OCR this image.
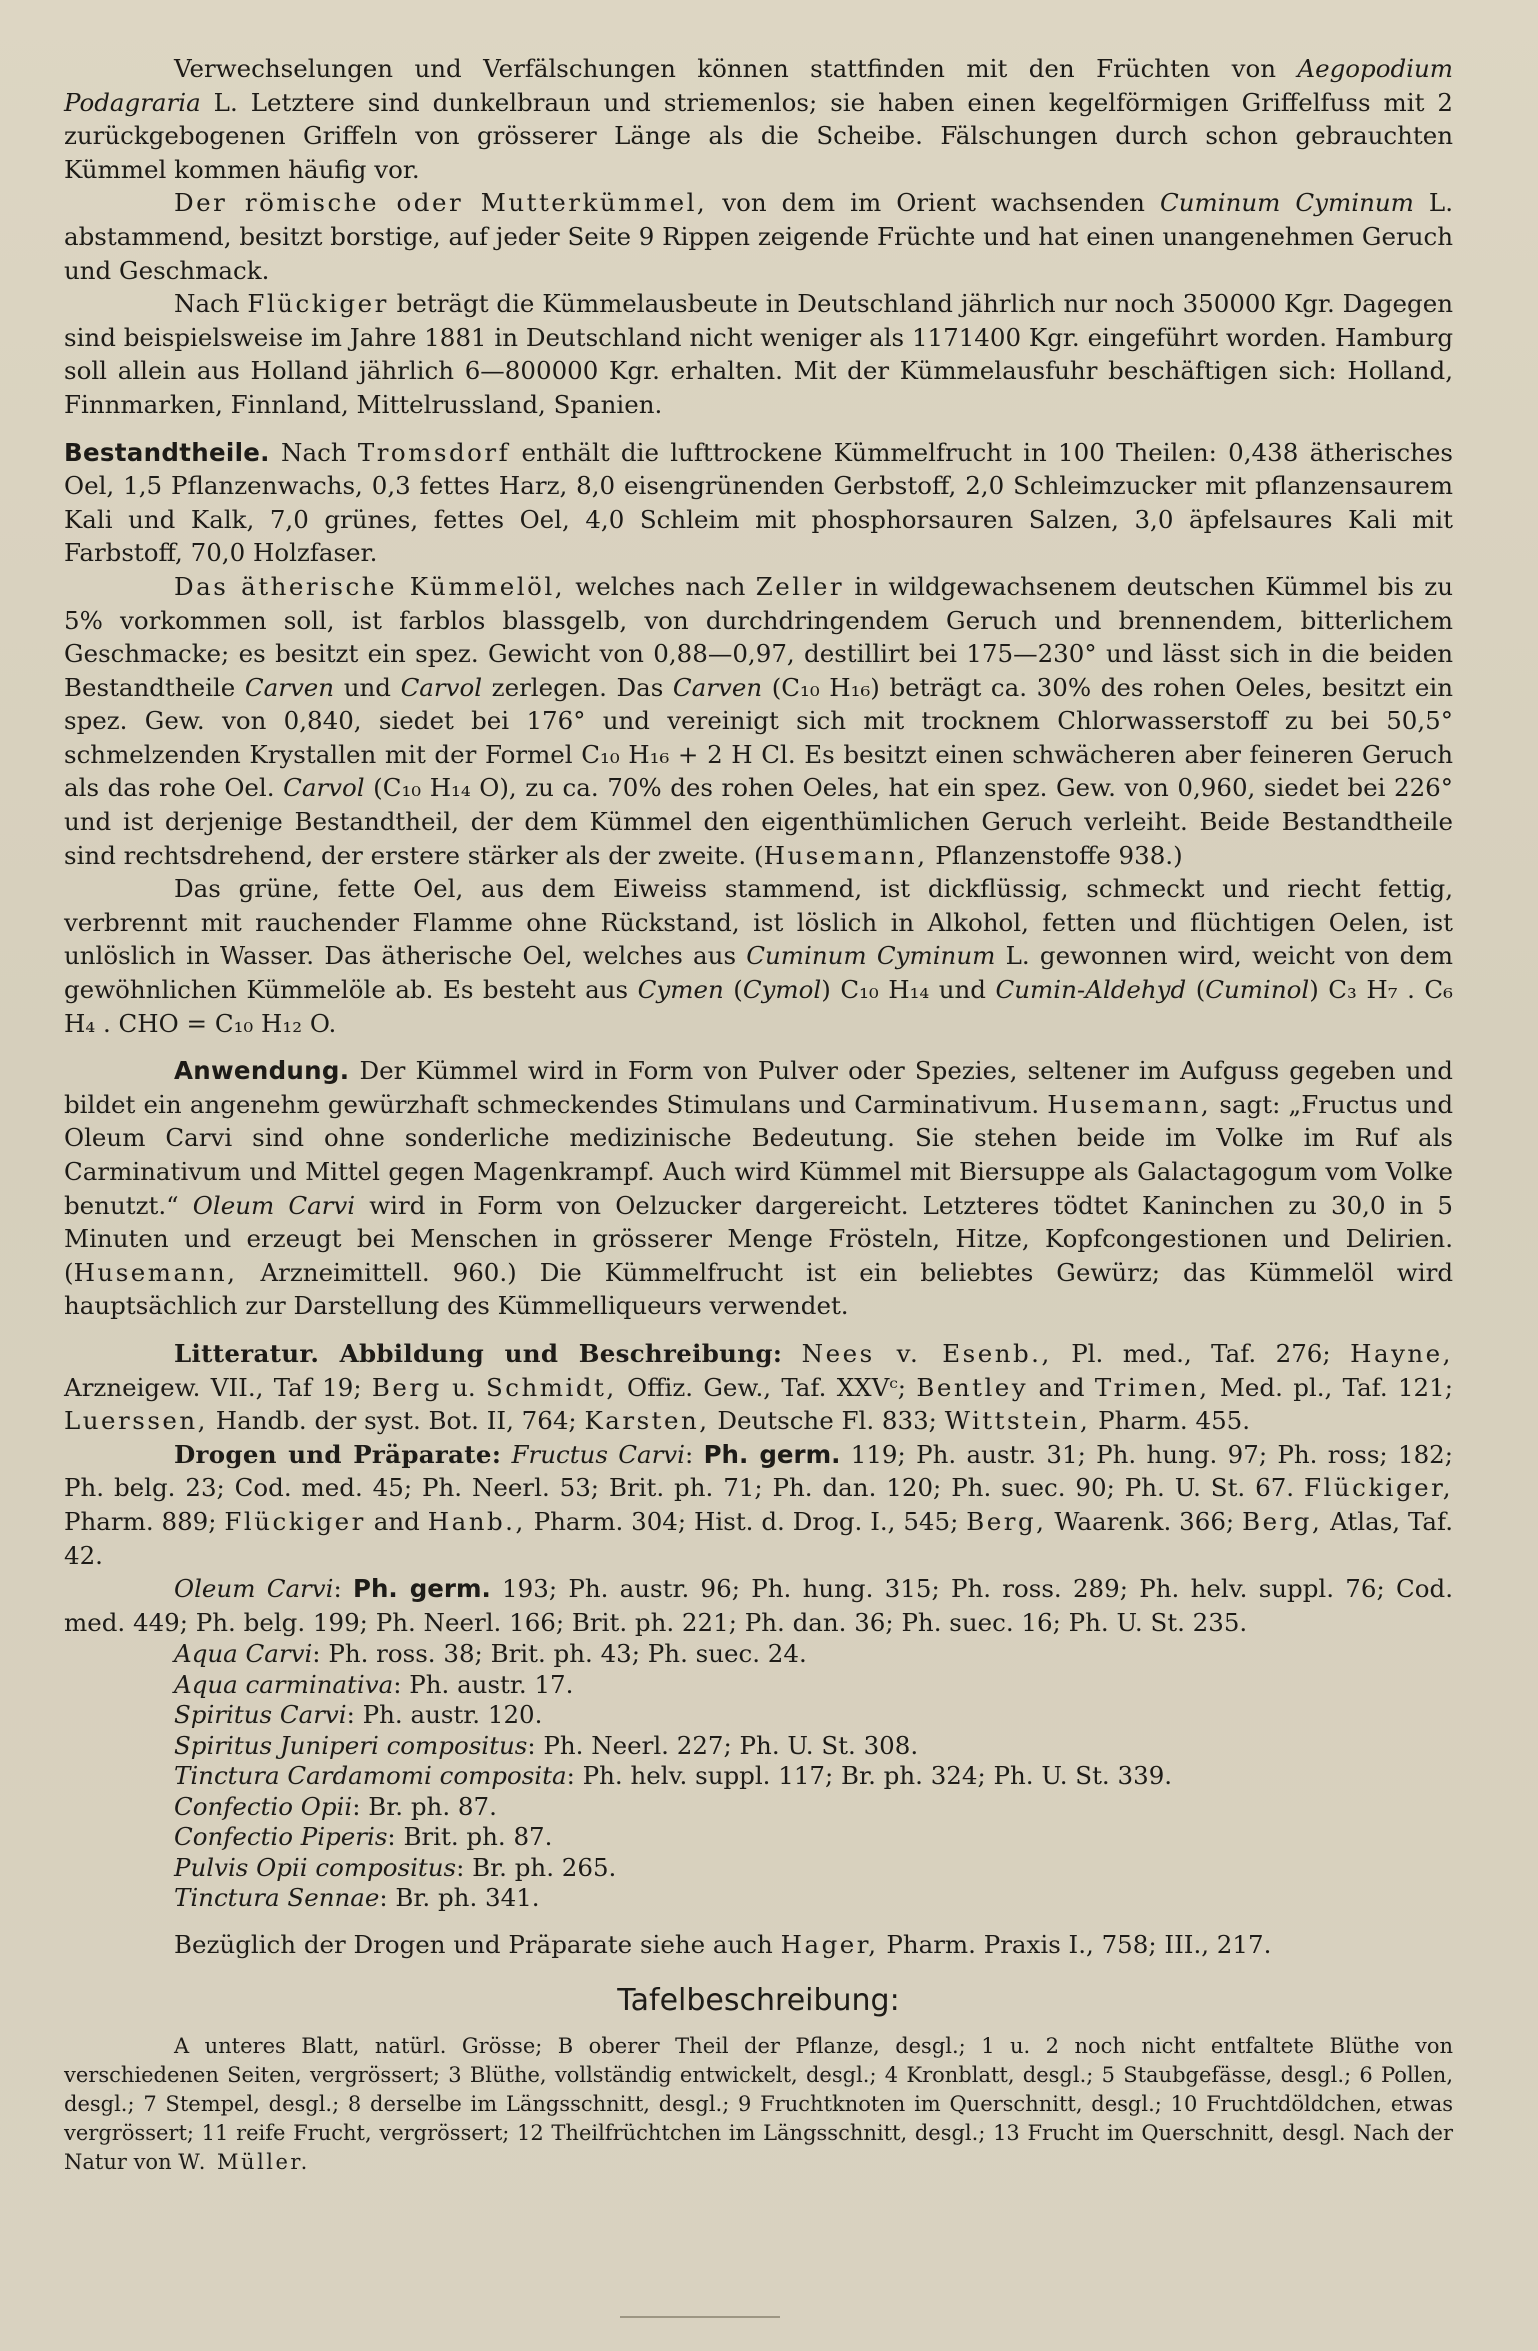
Verwechselungen und Verfälschungen können stattfinden mit den Früchten von Aegopodium Podagraria L. Letztere sind dunkelbraun und striemenlos; sie haben einen kegelförmigen Griffelfuss mit 2 zurückgebogenen Griffeln von grösserer Länge als die Scheibe. Fälschungen durch schon gebrauchten Kümmel kommen häufig vor.

Der römische oder Mutterkümmel, von dem im Orient wachsenden Cuminum Cyminum L. abstammend, besitzt borstige, auf jeder Seite 9 Rippen zeigende Früchte und hat einen unangenehmen Geruch und Geschmack.

Nach Flückiger beträgt die Kümmelausbeute in Deutschland jährlich nur noch 350000 Kgr. Dagegen sind beispielsweise im Jahre 1881 in Deutschland nicht weniger als 1171400 Kgr. eingeführt worden. Hamburg soll allein aus Holland jährlich 6—800000 Kgr. erhalten. Mit der Kümmelausfuhr beschäftigen sich: Holland, Finnmarken, Finnland, Mittelrussland, Spanien.

Bestandtheile. Nach Tromsdorf enthält die lufttrockene Kümmelfrucht in 100 Theilen: 0,438 ätherisches Oel, 1,5 Pflanzenwachs, 0,3 fettes Harz, 8,0 eisengrünenden Gerbstoff, 2,0 Schleimzucker mit pflanzensaurem Kali und Kalk, 7,0 grünes, fettes Oel, 4,0 Schleim mit phosphorsauren Salzen, 3,0 äpfelsaures Kali mit Farbstoff, 70,0 Holzfaser.

Das ätherische Kümmelöl, welches nach Zeller in wildgewachsenem deutschen Kümmel bis zu 5% vorkommen soll, ist farblos blassgelb, von durchdringendem Geruch und brennendem, bitterlichem Geschmacke; es besitzt ein spez. Gewicht von 0,88—0,97, destillirt bei 175—230° und lässt sich in die beiden Bestandtheile Carven und Carvol zerlegen. Das Carven (C₁₀ H₁₆) beträgt ca. 30% des rohen Oeles, besitzt ein spez. Gew. von 0,840, siedet bei 176° und vereinigt sich mit trocknem Chlorwasserstoff zu bei 50,5° schmelzenden Krystallen mit der Formel C₁₀ H₁₆ + 2 H Cl. Es besitzt einen schwächeren aber feineren Geruch als das rohe Oel. Carvol (C₁₀ H₁₄ O), zu ca. 70% des rohen Oeles, hat ein spez. Gew. von 0,960, siedet bei 226° und ist derjenige Bestandtheil, der dem Kümmel den eigenthümlichen Geruch verleiht. Beide Bestandtheile sind rechtsdrehend, der erstere stärker als der zweite. (Husemann, Pflanzenstoffe 938.)

Das grüne, fette Oel, aus dem Eiweiss stammend, ist dickflüssig, schmeckt und riecht fettig, verbrennt mit rauchender Flamme ohne Rückstand, ist löslich in Alkohol, fetten und flüchtigen Oelen, ist unlöslich in Wasser. Das ätherische Oel, welches aus Cuminum Cyminum L. gewonnen wird, weicht von dem gewöhnlichen Kümmelöle ab. Es besteht aus Cymen (Cymol) C₁₀ H₁₄ und Cumin-Aldehyd (Cuminol) C₃ H₇ . C₆ H₄ . CHO = C₁₀ H₁₂ O.

Anwendung. Der Kümmel wird in Form von Pulver oder Spezies, seltener im Aufguss gegeben und bildet ein angenehm gewürzhaft schmeckendes Stimulans und Carminativum. Husemann, sagt: „Fructus und Oleum Carvi sind ohne sonderliche medizinische Bedeutung. Sie stehen beide im Volke im Ruf als Carminativum und Mittel gegen Magenkrampf. Auch wird Kümmel mit Biersuppe als Galactagogum vom Volke benutzt.“ Oleum Carvi wird in Form von Oelzucker dargereicht. Letzteres tödtet Kaninchen zu 30,0 in 5 Minuten und erzeugt bei Menschen in grösserer Menge Frösteln, Hitze, Kopfcongestionen und Delirien. (Husemann, Arzneimittell. 960.) Die Kümmelfrucht ist ein beliebtes Gewürz; das Kümmelöl wird hauptsächlich zur Darstellung des Kümmelliqueurs verwendet.

Litteratur. Abbildung und Beschreibung: Nees v. Esenb., Pl. med., Taf. 276; Hayne, Arzneigew. VII., Taf 19; Berg u. Schmidt, Offiz. Gew., Taf. XXVᶜ; Bentley and Trimen, Med. pl., Taf. 121; Luerssen, Handb. der syst. Bot. II, 764; Karsten, Deutsche Fl. 833; Wittstein, Pharm. 455.

Drogen und Präparate: Fructus Carvi: Ph. germ. 119; Ph. austr. 31; Ph. hung. 97; Ph. ross; 182; Ph. belg. 23; Cod. med. 45; Ph. Neerl. 53; Brit. ph. 71; Ph. dan. 120; Ph. suec. 90; Ph. U. St. 67. Flückiger, Pharm. 889; Flückiger and Hanb., Pharm. 304; Hist. d. Drog. I., 545; Berg, Waarenk. 366; Berg, Atlas, Taf. 42.

Oleum Carvi: Ph. germ. 193; Ph. austr. 96; Ph. hung. 315; Ph. ross. 289; Ph. helv. suppl. 76; Cod. med. 449; Ph. belg. 199; Ph. Neerl. 166; Brit. ph. 221; Ph. dan. 36; Ph. suec. 16; Ph. U. St. 235.

Aqua Carvi: Ph. ross. 38; Brit. ph. 43; Ph. suec. 24.
Aqua carminativa: Ph. austr. 17.
Spiritus Carvi: Ph. austr. 120.
Spiritus Juniperi compositus: Ph. Neerl. 227; Ph. U. St. 308.
Tinctura Cardamomi composita: Ph. helv. suppl. 117; Br. ph. 324; Ph. U. St. 339.
Confectio Opii: Br. ph. 87.
Confectio Piperis: Brit. ph. 87.
Pulvis Opii compositus: Br. ph. 265.
Tinctura Sennae: Br. ph. 341.

Bezüglich der Drogen und Präparate siehe auch Hager, Pharm. Praxis I., 758; III., 217.

Tafelbeschreibung:

A unteres Blatt, natürl. Grösse; B oberer Theil der Pflanze, desgl.; 1 u. 2 noch nicht entfaltete Blüthe von verschiedenen Seiten, vergrössert; 3 Blüthe, vollständig entwickelt, desgl.; 4 Kronblatt, desgl.; 5 Staubgefässe, desgl.; 6 Pollen, desgl.; 7 Stempel, desgl.; 8 derselbe im Längsschnitt, desgl.; 9 Fruchtknoten im Querschnitt, desgl.; 10 Fruchtdöldchen, etwas vergrössert; 11 reife Frucht, vergrössert; 12 Theilfrüchtchen im Längsschnitt, desgl.; 13 Frucht im Querschnitt, desgl. Nach der Natur von W. Müller.
